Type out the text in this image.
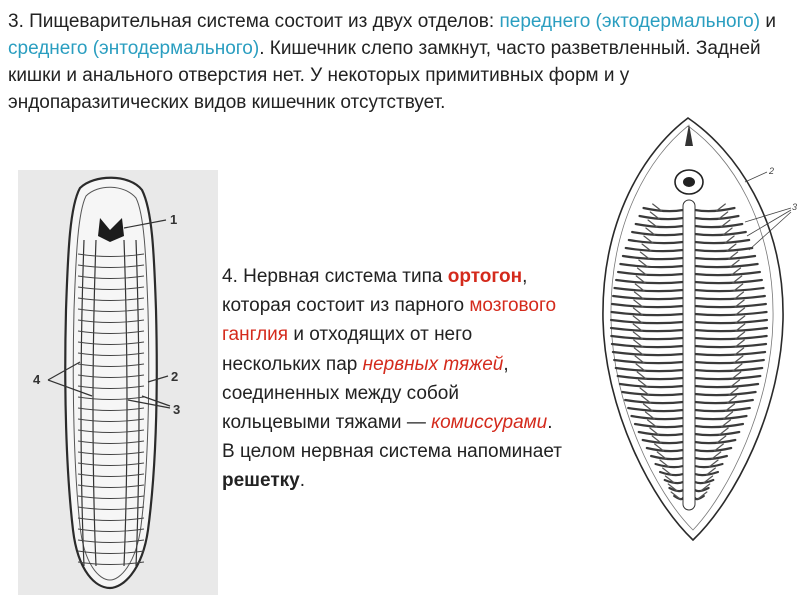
3. Пищеварительная система состоит из двух отделов: переднего (эктодермального) и среднего (энтодермального). Кишечник слепо замкнут, часто разветвленный. Задней кишки и анального отверстия нет. У некоторых примитивных форм и у эндопаразитических видов кишечник отсутствует.

4. Нервная система типа ортогон, которая состоит из парного мозгового ганглия и отходящих от него нескольких пар нервных тяжей, соединенных между собой кольцевыми тяжами — комиссурами. В целом нервная система напоминает решетку.

1
2
3
4
2
3
